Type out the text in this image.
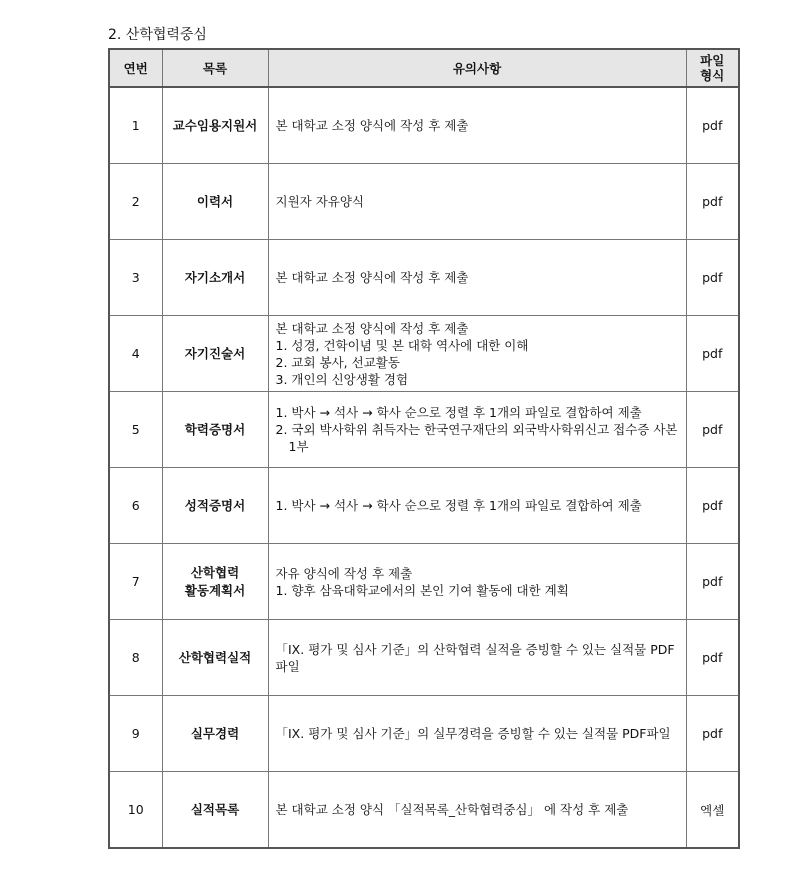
2. 산학협력중심
연번	목록	유의사항	파일
형식

1	교수임용지원서	본 대학교 소정 양식에 작성 후 제출	pdf
2	이력서	지원자 자유양식	pdf
3	자기소개서	본 대학교 소정 양식에 작성 후 제출	pdf
4	자기진술서	본 대학교 소정 양식에 작성 후 제출
1. 성경, 건학이념 및 본 대학 역사에 대한 이해
2. 교회 봉사, 선교활동
3. 개인의 신앙생활 경험	pdf
5	학력증명서	1. 박사 → 석사 → 학사 순으로 정렬 후 1개의 파일로 결합하여 제출
2. 국외 박사학위 취득자는 한국연구재단의 외국박사학위신고 접수증 사본 1부	pdf
6	성적증명서	1. 박사 → 석사 → 학사 순으로 정렬 후 1개의 파일로 결합하여 제출	pdf
7	산학협력
활동계획서	자유 양식에 작성 후 제출
1. 향후 삼육대학교에서의 본인 기여 활동에 대한 계획	pdf
8	산학협력실적	「IX. 평가 및 심사 기준」의 산학협력 실적을 증빙할 수 있는 실적물 PDF 파일	pdf
9	실무경력	「IX. 평가 및 심사 기준」의 실무경력을 증빙할 수 있는 실적물 PDF파일	pdf
10	실적목록	본 대학교 소정 양식 「실적목록_산학협력중심」 에 작성 후 제출	엑셀
